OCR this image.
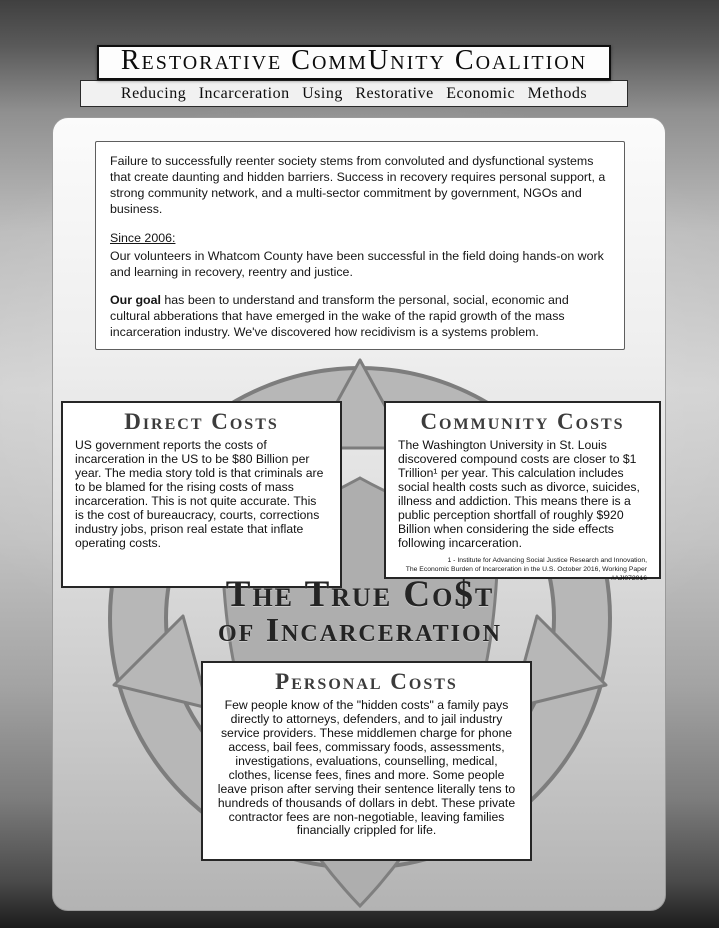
Restorative CommUnity Coalition
Reducing Incarceration Using Restorative Economic Methods

Failure to successfully reenter society stems from convoluted and dysfunctional systems that create daunting and hidden barriers. Success in recovery requires personal support, a strong community network, and a multi-sector commitment by government, NGOs and business.

Since 2006:

Our volunteers in Whatcom County have been successful in the field doing hands-on work and learning in recovery, reentry and justice.

Our goal has been to understand and transform the personal, social, economic and cultural abberations that have emerged in the wake of the rapid growth of the mass incarceration industry. We've discovered how recidivism is a systems problem.

Direct Costs

US government reports the costs of incarceration in the US to be $80 Billion per year. The media story told is that criminals are to be blamed for the rising costs of mass incarceration. This is not quite accurate. This is the cost of bureaucracy, courts, corrections industry jobs, prison real estate that inflate operating costs.

Community Costs

The Washington University in St. Louis discovered compound costs are closer to $1 Trillion¹ per year. This calculation includes social health costs such as divorce, suicides, illness and addiction. This means there is a public perception shortfall of roughly $920 Billion when considering the side effects following incarceration.

1 - Institute for Advancing Social Justice Research and Innovation,
The Economic Burden of Incarceration in the U.S. October 2016, Working Paper #AJI072016
The True Co$t
of Incarceration
Personal Costs

Few people know of the "hidden costs" a family pays directly to attorneys, defenders, and to jail industry service providers. These middlemen charge for phone access, bail fees, commissary foods, assessments, investigations, evaluations, counselling, medical, clothes, license fees, fines and more. Some people leave prison after serving their sentence literally tens to hundreds of thousands of dollars in debt. These private contractor fees are non-negotiable, leaving families financially crippled for life.
